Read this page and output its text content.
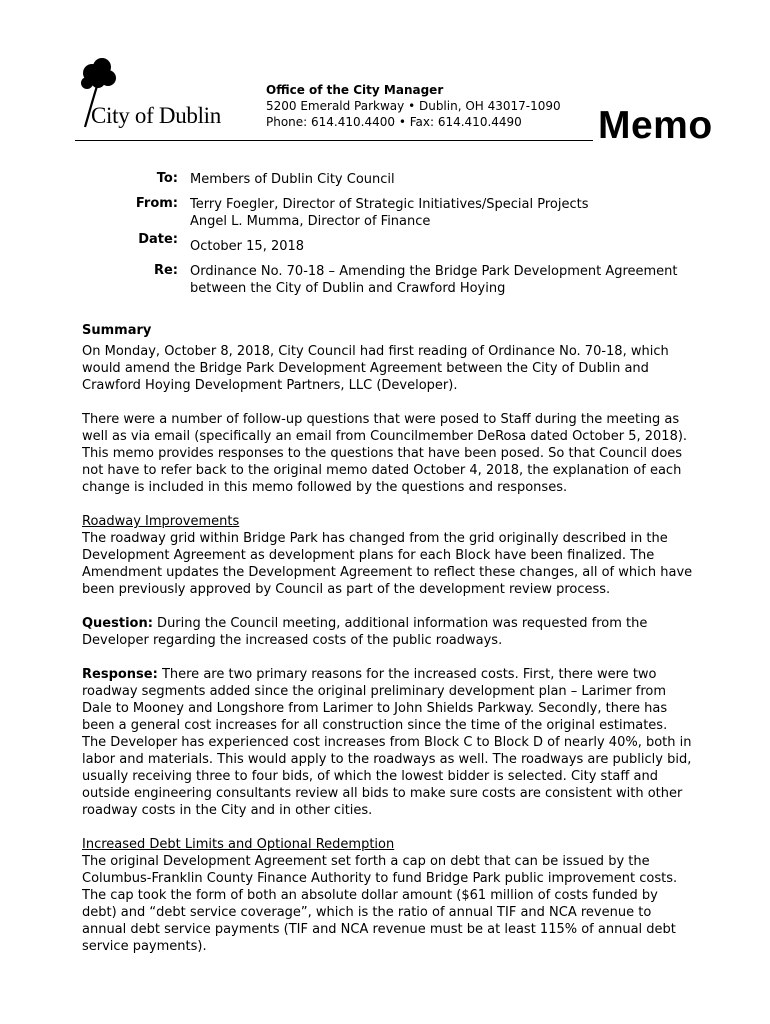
City of Dublin
Office of the City Manager
5200 Emerald Parkway • Dublin, OH 43017-1090
Phone: 614.410.4400 • Fax: 614.410.4490	Memo
To: Members of Dublin City Council
From: Terry Foegler, Director of Strategic Initiatives/Special Projects
Angel L. Mumma, Director of Finance
Date: October 15, 2018
Re: Ordinance No. 70-18 – Amending the Bridge Park Development Agreement
between the City of Dublin and Crawford Hoying

Summary

On Monday, October 8, 2018, City Council had first reading of Ordinance No. 70-18, which would amend the Bridge Park Development Agreement between the City of Dublin and Crawford Hoying Development Partners, LLC (Developer).

There were a number of follow-up questions that were posed to Staff during the meeting as well as via email (specifically an email from Councilmember DeRosa dated October 5, 2018). This memo provides responses to the questions that have been posed. So that Council does not have to refer back to the original memo dated October 4, 2018, the explanation of each change is included in this memo followed by the questions and responses.

Roadway Improvements

The roadway grid within Bridge Park has changed from the grid originally described in the Development Agreement as development plans for each Block have been finalized. The Amendment updates the Development Agreement to reflect these changes, all of which have been previously approved by Council as part of the development review process.

Question: During the Council meeting, additional information was requested from the Developer regarding the increased costs of the public roadways.

Response: There are two primary reasons for the increased costs. First, there were two roadway segments added since the original preliminary development plan – Larimer from Dale to Mooney and Longshore from Larimer to John Shields Parkway. Secondly, there has been a general cost increases for all construction since the time of the original estimates. The Developer has experienced cost increases from Block C to Block D of nearly 40%, both in labor and materials. This would apply to the roadways as well. The roadways are publicly bid, usually receiving three to four bids, of which the lowest bidder is selected. City staff and outside engineering consultants review all bids to make sure costs are consistent with other roadway costs in the City and in other cities.

Increased Debt Limits and Optional Redemption

The original Development Agreement set forth a cap on debt that can be issued by the Columbus-Franklin County Finance Authority to fund Bridge Park public improvement costs. The cap took the form of both an absolute dollar amount ($61 million of costs funded by debt) and “debt service coverage”, which is the ratio of annual TIF and NCA revenue to annual debt service payments (TIF and NCA revenue must be at least 115% of annual debt service payments).
